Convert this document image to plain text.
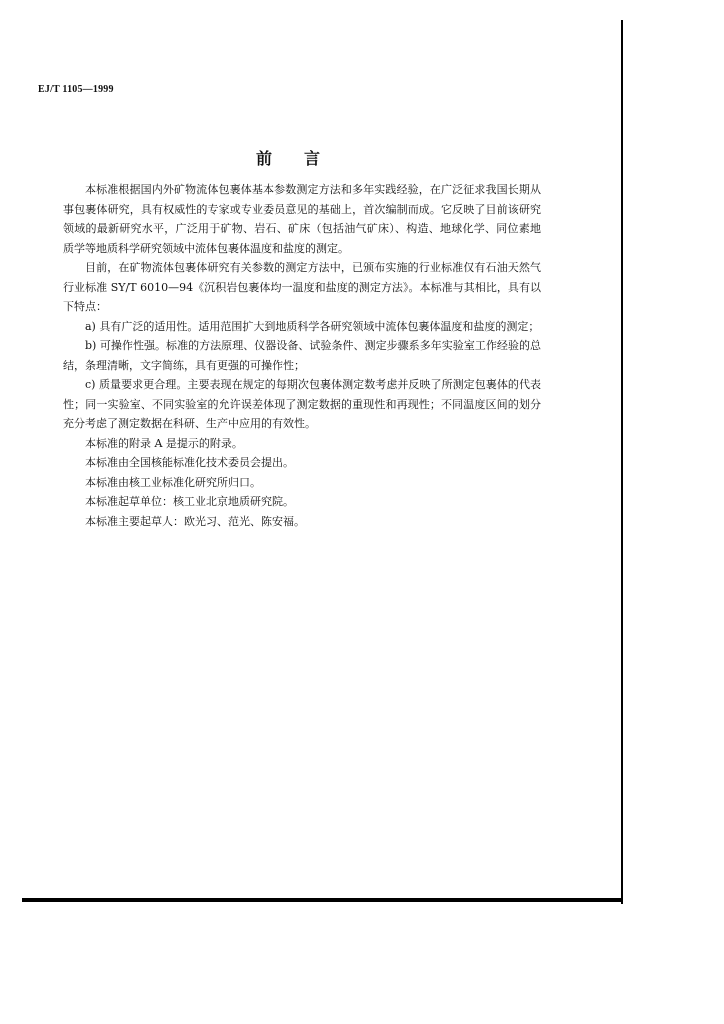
EJ/T 1105—1999
前言

本标准根据国内外矿物流体包裹体基本参数测定方法和多年实践经验，在广泛征求我国长期从事包裹体研究，具有权威性的专家或专业委员意见的基础上，首次编制而成。它反映了目前该研究领域的最新研究水平，广泛用于矿物、岩石、矿床（包括油气矿床）、构造、地球化学、同位素地质学等地质科学研究领域中流体包裹体温度和盐度的测定。

目前，在矿物流体包裹体研究有关参数的测定方法中，已颁布实施的行业标准仅有石油天然气行业标准 SY/T 6010—94《沉积岩包裹体均一温度和盐度的测定方法》。本标准与其相比，具有以下特点：

a) 具有广泛的适用性。适用范围扩大到地质科学各研究领域中流体包裹体温度和盐度的测定；

b) 可操作性强。标准的方法原理、仪器设备、试验条件、测定步骤系多年实验室工作经验的总结，条理清晰，文字简练，具有更强的可操作性；

c) 质量要求更合理。主要表现在规定的每期次包裹体测定数考虑并反映了所测定包裹体的代表性；同一实验室、不同实验室的允许误差体现了测定数据的重现性和再现性；不同温度区间的划分充分考虑了测定数据在科研、生产中应用的有效性。

本标准的附录 A 是提示的附录。

本标准由全国核能标准化技术委员会提出。

本标准由核工业标准化研究所归口。

本标准起草单位：核工业北京地质研究院。

本标准主要起草人：欧光习、范光、陈安福。
